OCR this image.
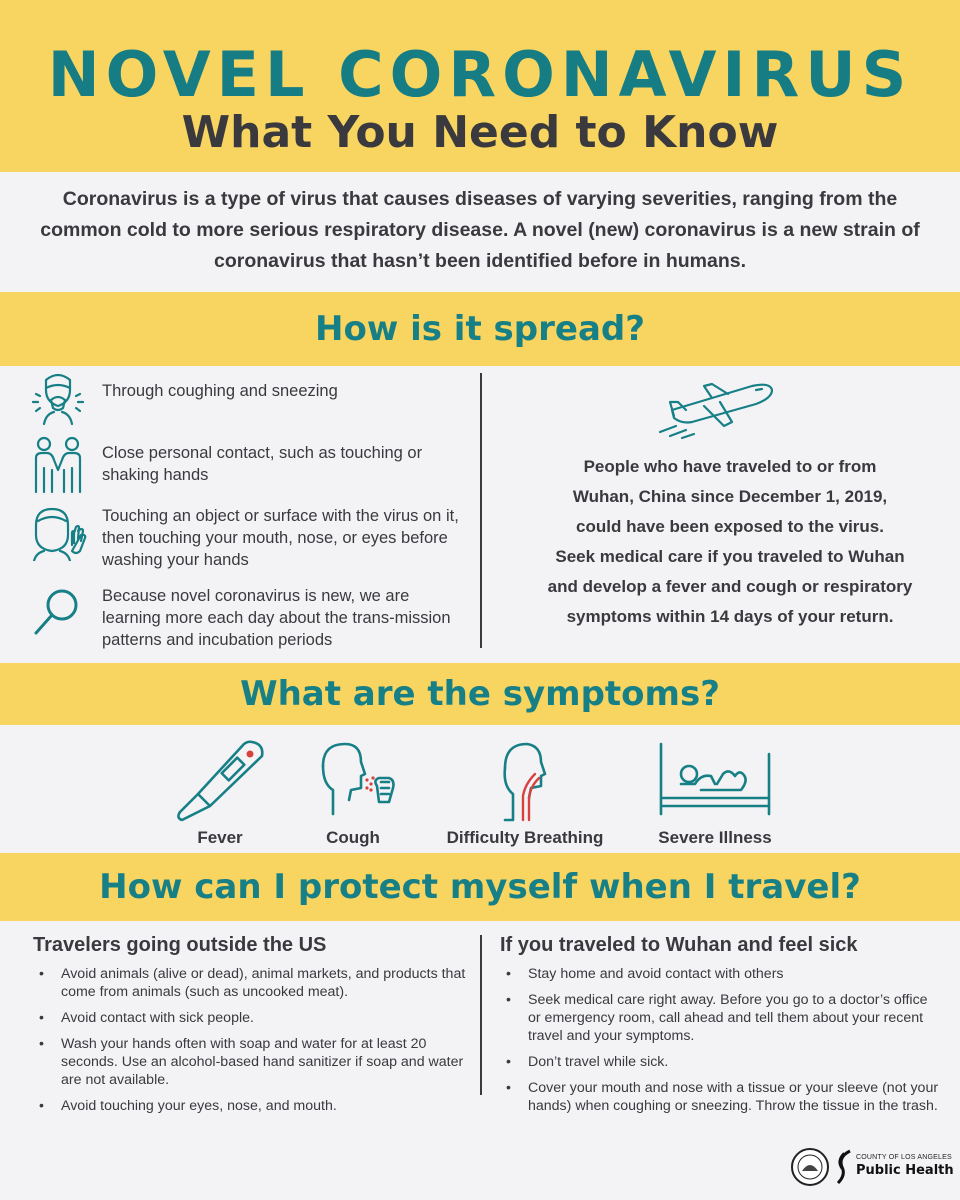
NOVEL CORONAVIRUS
What You Need to Know
Coronavirus is a type of virus that causes diseases of varying severities, ranging from the common cold to more serious respiratory disease. A novel (new) coronavirus is a new strain of coronavirus that hasn’t been identified before in humans.
How is it spread?
Through coughing and sneezing
Close personal contact, such as touching or shaking hands
Touching an object or surface with the virus on it, then touching your mouth, nose, or eyes before washing your hands
Because novel coronavirus is new, we are learning more each day about the trans-mission patterns and incubation periods

People who have traveled to or from

Wuhan, China since December 1, 2019,

could have been exposed to the virus.

Seek medical care if you traveled to Wuhan

and develop a fever and cough or respiratory

symptoms within 14 days of your return.

What are the symptoms?
Fever	Cough	Difficulty Breathing	Severe Illness
How can I protect myself when I travel?
Travelers going outside the US
• Avoid animals (alive or dead), animal markets, and products that come from animals (such as uncooked meat).
• Avoid contact with sick people.
• Wash your hands often with soap and water for at least 20 seconds. Use an alcohol-based hand sanitizer if soap and water are not available.
• Avoid touching your eyes, nose, and mouth.
If you traveled to Wuhan and feel sick
• Stay home and avoid contact with others
• Seek medical care right away. Before you go to a doctor’s office or emergency room, call ahead and tell them about your recent travel and your symptoms.
• Don’t travel while sick.
• Cover your mouth and nose with a tissue or your sleeve (not your hands) when coughing or sneezing. Throw the tissue in the trash.
COUNTY OF LOS ANGELES
Public Health
